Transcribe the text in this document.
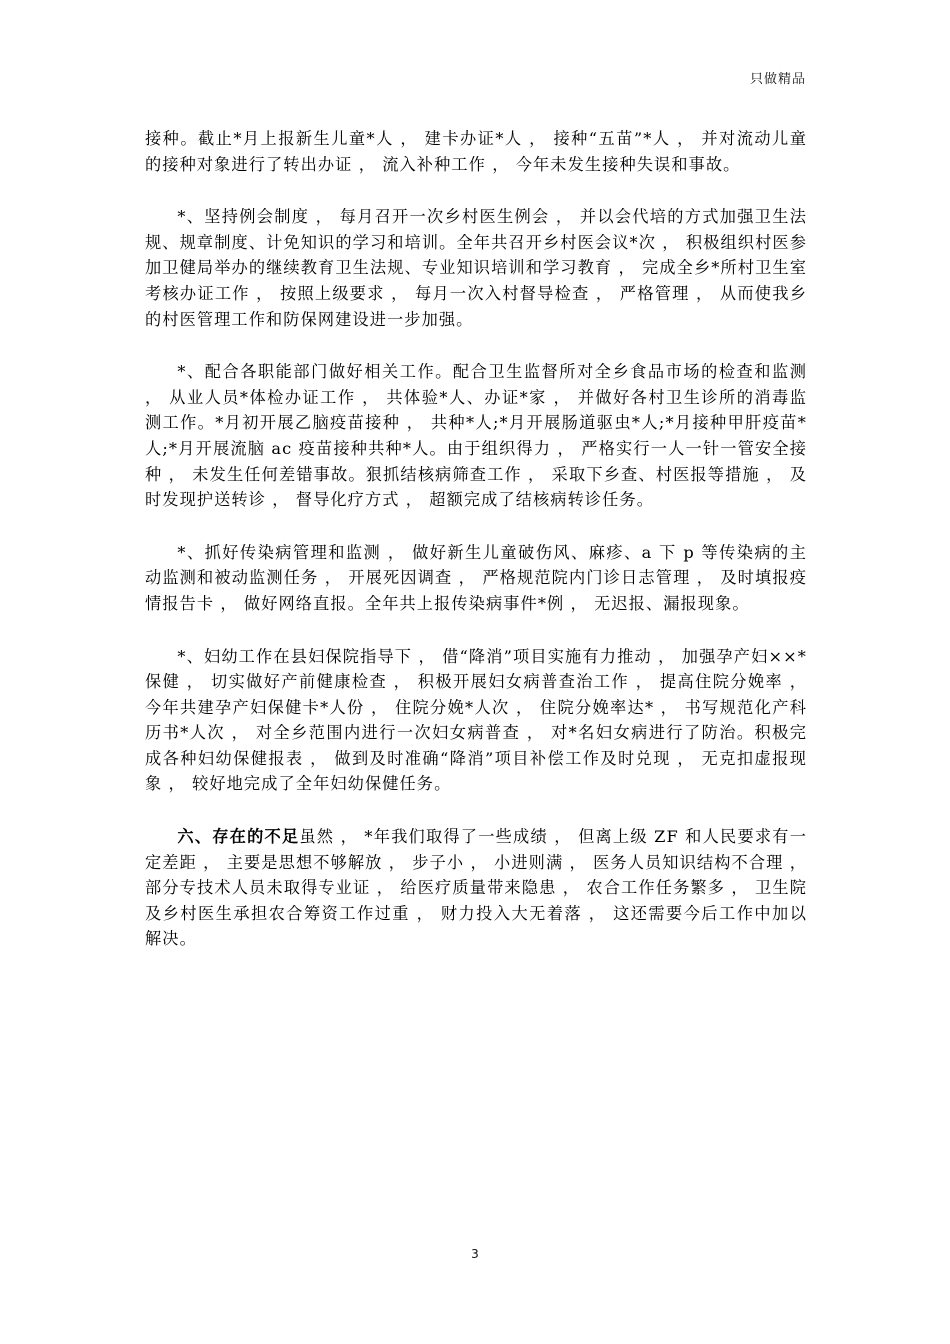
只做精品

接种。截止*月上报新生儿童*人 ， 建卡办证*人 ， 接种“五苗”*人 ， 并对流动儿童的接种对象进行了转出办证 ， 流入补种工作 ， 今年未发生接种失误和事故。

*、坚持例会制度 ， 每月召开一次乡村医生例会 ， 并以会代培的方式加强卫生法规、规章制度、计免知识的学习和培训。全年共召开乡村医会议*次 ， 积极组织村医参加卫健局举办的继续教育卫生法规、专业知识培训和学习教育 ， 完成全乡*所村卫生室考核办证工作 ， 按照上级要求 ， 每月一次入村督导检查 ， 严格管理 ， 从而使我乡的村医管理工作和防保网建设进一步加强。

*、配合各职能部门做好相关工作。配合卫生监督所对全乡食品市场的检查和监测 ， 从业人员*体检办证工作 ， 共体验*人、办证*家 ， 并做好各村卫生诊所的消毒监测工作。*月初开展乙脑疫苗接种 ， 共种*人;*月开展肠道驱虫*人;*月接种甲肝疫苗*人;*月开展流脑 ac 疫苗接种共种*人。由于组织得力 ， 严格实行一人一针一管安全接种 ， 未发生任何差错事故。狠抓结核病筛查工作 ， 采取下乡查、村医报等措施 ， 及时发现护送转诊 ， 督导化疗方式 ， 超额完成了结核病转诊任务。

*、抓好传染病管理和监测 ， 做好新生儿童破伤风、麻疹、a 下 p 等传染病的主动监测和被动监测任务 ， 开展死因调查 ， 严格规范院内门诊日志管理 ， 及时填报疫情报告卡 ， 做好网络直报。全年共上报传染病事件*例 ， 无迟报、漏报现象。

*、妇幼工作在县妇保院指导下 ， 借“降消”项目实施有力推动 ， 加强孕产妇××*保健 ， 切实做好产前健康检查 ， 积极开展妇女病普查治工作 ， 提高住院分娩率 ， 今年共建孕产妇保健卡*人份 ， 住院分娩*人次 ， 住院分娩率达* ， 书写规范化产科历书*人次 ， 对全乡范围内进行一次妇女病普查 ， 对*名妇女病进行了防治。积极完成各种妇幼保健报表 ， 做到及时准确“降消”项目补偿工作及时兑现 ， 无克扣虚报现象 ， 较好地完成了全年妇幼保健任务。

六、存在的不足虽然 ， *年我们取得了一些成绩 ， 但离上级 ZF 和人民要求有一定差距 ， 主要是思想不够解放 ， 步子小 ， 小进则满 ， 医务人员知识结构不合理 ， 部分专技术人员未取得专业证 ， 给医疗质量带来隐患 ， 农合工作任务繁多 ， 卫生院及乡村医生承担农合筹资工作过重 ， 财力投入大无着落 ， 这还需要今后工作中加以解决。

3
